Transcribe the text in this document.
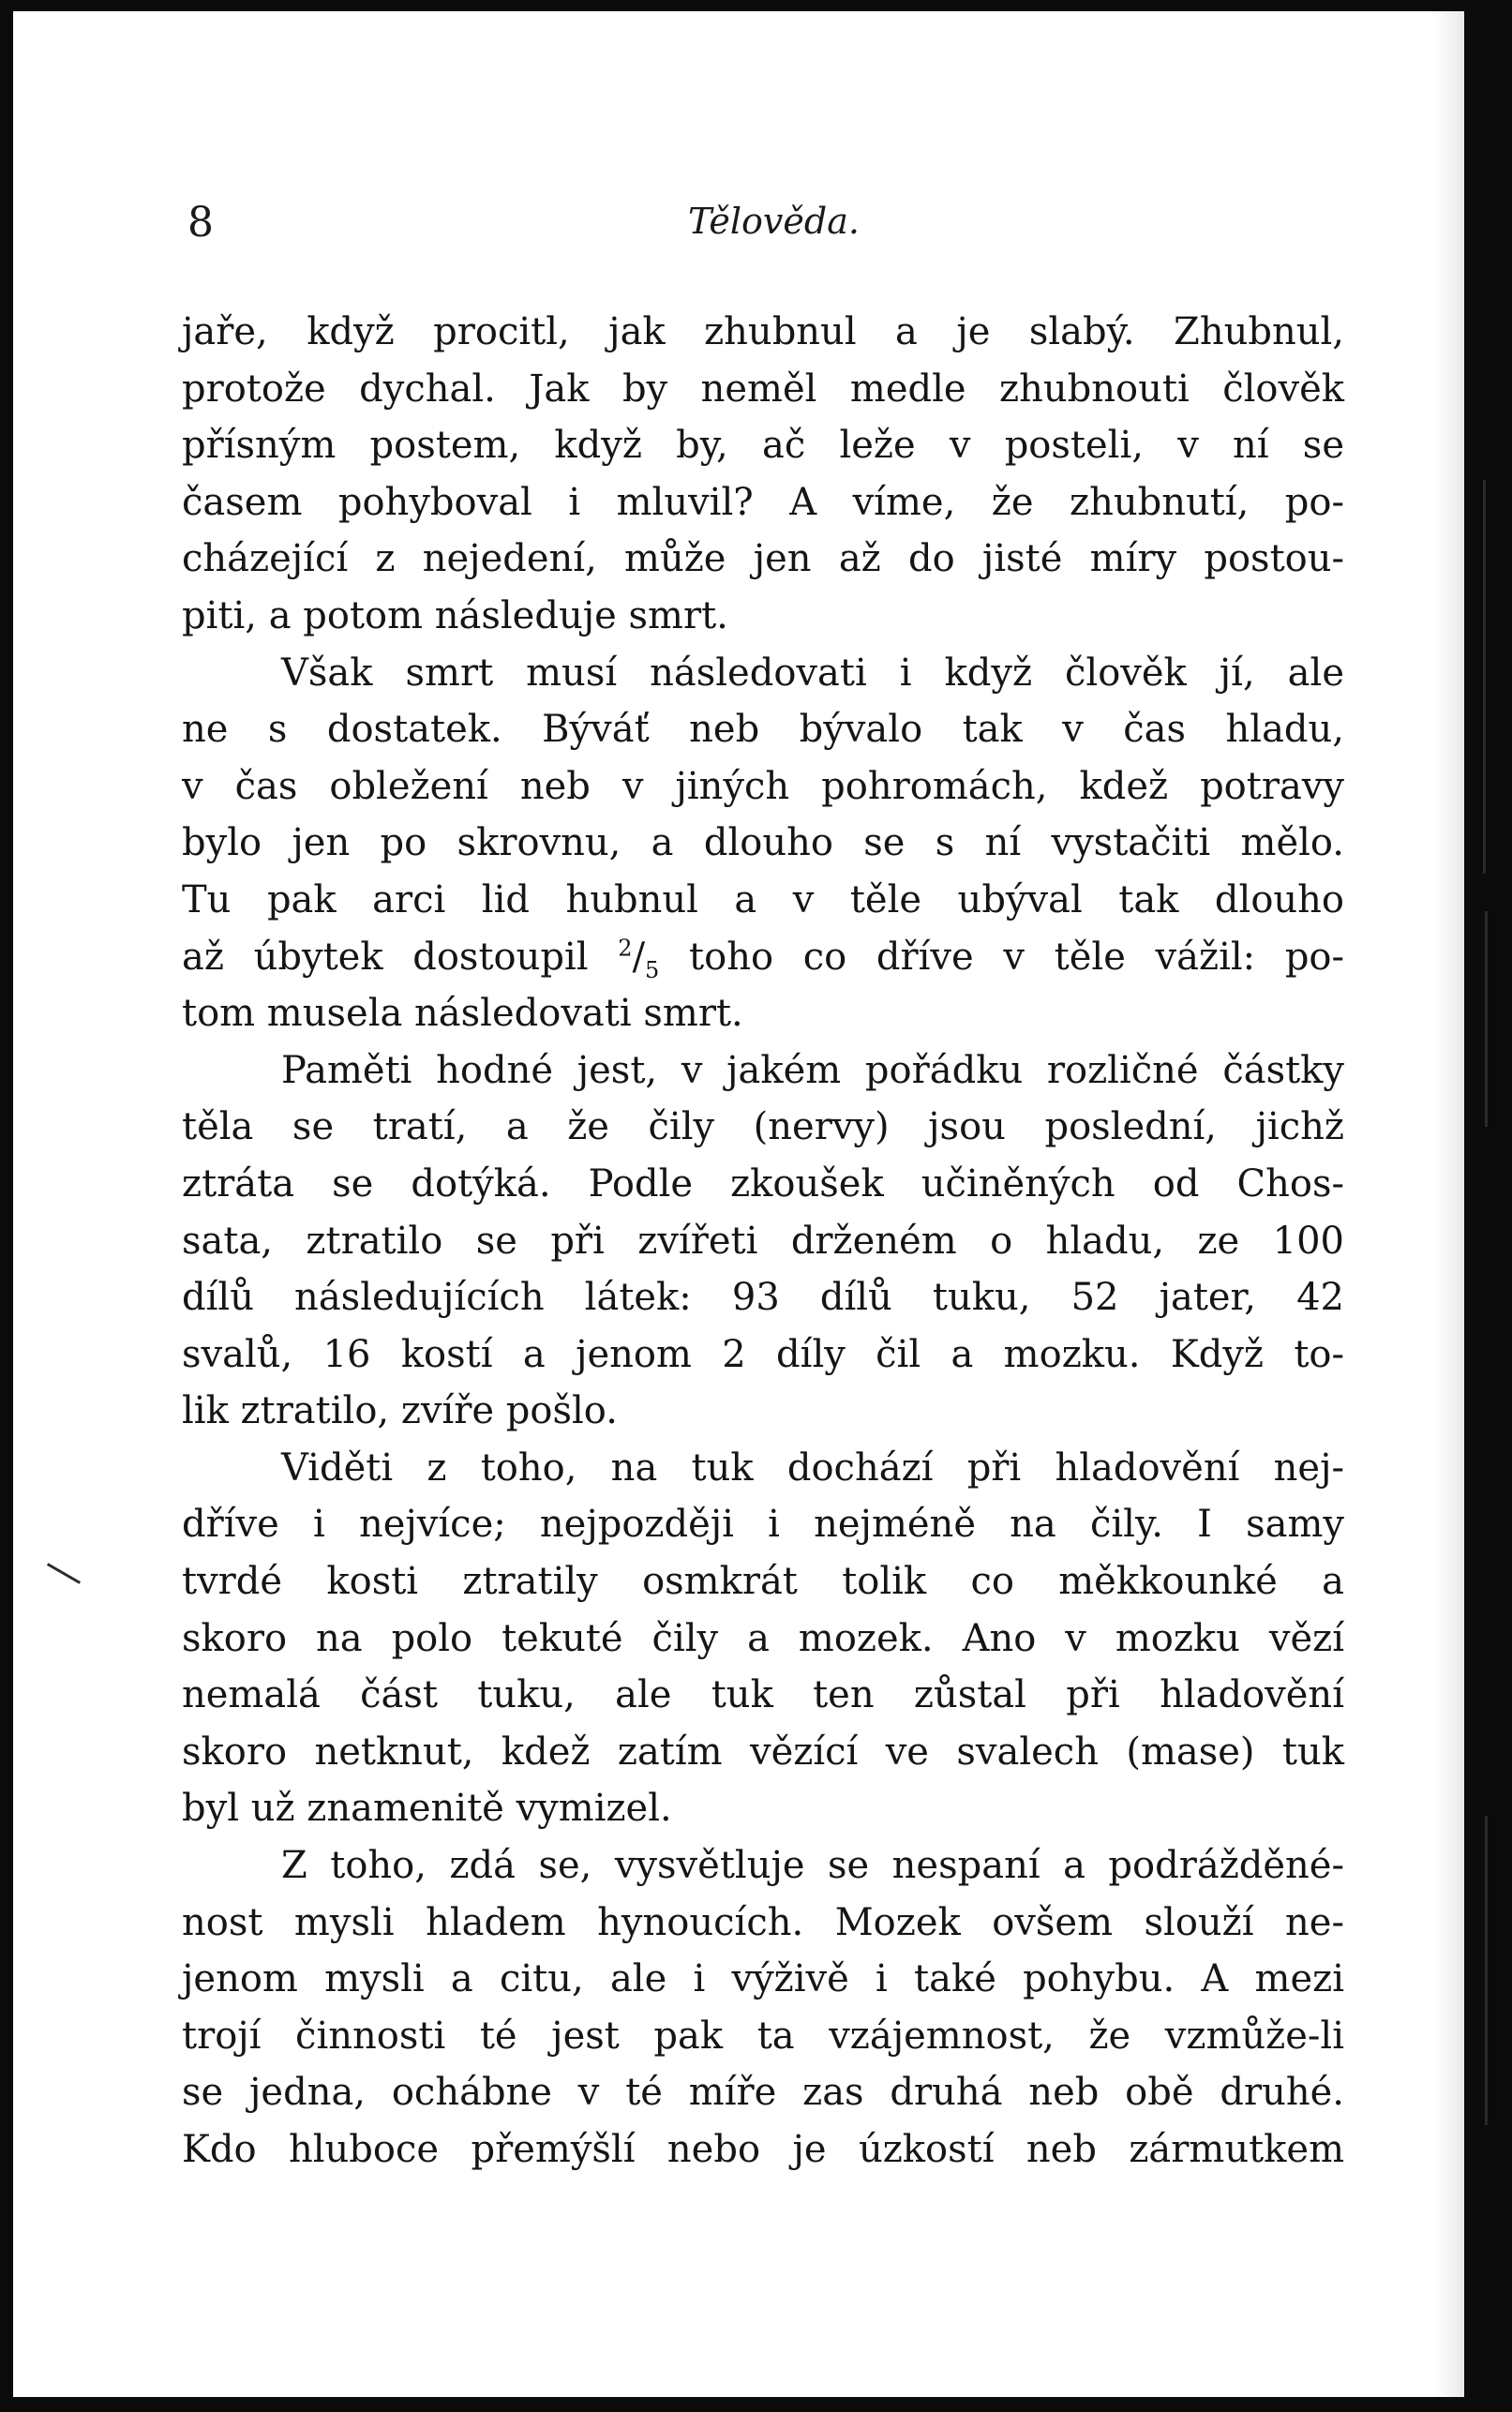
8	Tělověda.
jaře, když procitl, jak zhubnul a je slabý. Zhubnul,
protože dychal. Jak by neměl medle zhubnouti člověk
přísným postem, když by, ač leže v posteli, v ní se
časem pohyboval i mluvil? A víme, že zhubnutí, po-
cházející z nejedení, může jen až do jisté míry postou-
piti, a potom následuje smrt.
Však smrt musí následovati i když člověk jí, ale
ne s dostatek. Býváť neb bývalo tak v čas hladu,
v čas obležení neb v jiných pohromách, kdež potravy
bylo jen po skrovnu, a dlouho se s ní vystačiti mělo.
Tu pak arci lid hubnul a v těle ubýval tak dlouho
až úbytek dostoupil $^2/_5$ toho co dříve v těle vážil: po-
tom musela následovati smrt.
Paměti hodné jest, v jakém pořádku rozličné částky
těla se tratí, a že čily (nervy) jsou poslední, jichž
ztráta se dotýká. Podle zkoušek učiněných od Chos-
sata, ztratilo se při zvířeti drženém o hladu, ze 100
dílů následujících látek: 93 dílů tuku, 52 jater, 42
svalů, 16 kostí a jenom 2 díly čil a mozku. Když to-
lik ztratilo, zvíře pošlo.
Viděti z toho, na tuk dochází při hladovění nej-
dříve i nejvíce; nejpozději i nejméně na čily. I samy
tvrdé kosti ztratily osmkrát tolik co měkkounké a
skoro na polo tekuté čily a mozek. Ano v mozku vězí
nemalá část tuku, ale tuk ten zůstal při hladovění
skoro netknut, kdež zatím vězící ve svalech (mase) tuk
byl už znamenitě vymizel.
Z toho, zdá se, vysvětluje se nespaní a podrážděné-
nost mysli hladem hynoucích. Mozek ovšem slouží ne-
jenom mysli a citu, ale i výživě i také pohybu. A mezi
trojí činnosti té jest pak ta vzájemnost, že vzmůže-li
se jedna, ochábne v té míře zas druhá neb obě druhé.
Kdo hluboce přemýšlí nebo je úzkostí neb zármutkem
